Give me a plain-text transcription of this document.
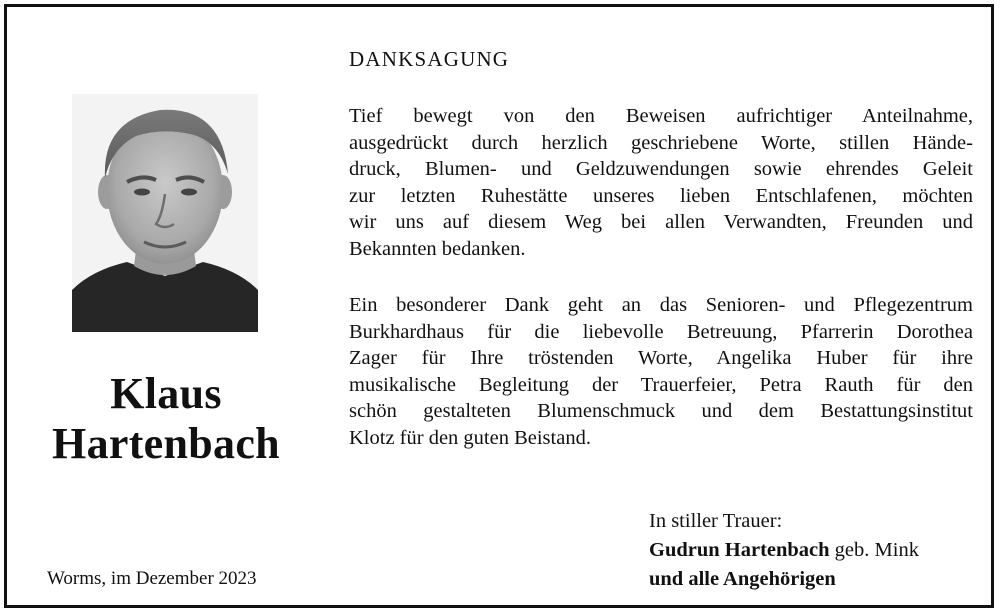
Klaus
Hartenbach
Worms, im Dezember 2023
DANKSAGUNG

Tief bewegt von den Beweisen aufrichtiger Anteilnahme,
ausgedrückt durch herzlich geschriebene Worte, stillen Hände-
druck, Blumen- und Geldzuwendungen sowie ehrendes Geleit
zur letzten Ruhestätte unseres lieben Entschlafenen, möchten
wir uns auf diesem Weg bei allen Verwandten, Freunden und
Bekannten bedanken.

Ein besonderer Dank geht an das Senioren- und Pflegezentrum
Burkhardhaus für die liebevolle Betreuung, Pfarrerin Dorothea
Zager für Ihre tröstenden Worte, Angelika Huber für ihre
musikalische Begleitung der Trauerfeier, Petra Rauth für den
schön gestalteten Blumenschmuck und dem Bestattungsinstitut
Klotz für den guten Beistand.

In stiller Trauer:
Gudrun Hartenbach geb. Mink
und alle Angehörigen
